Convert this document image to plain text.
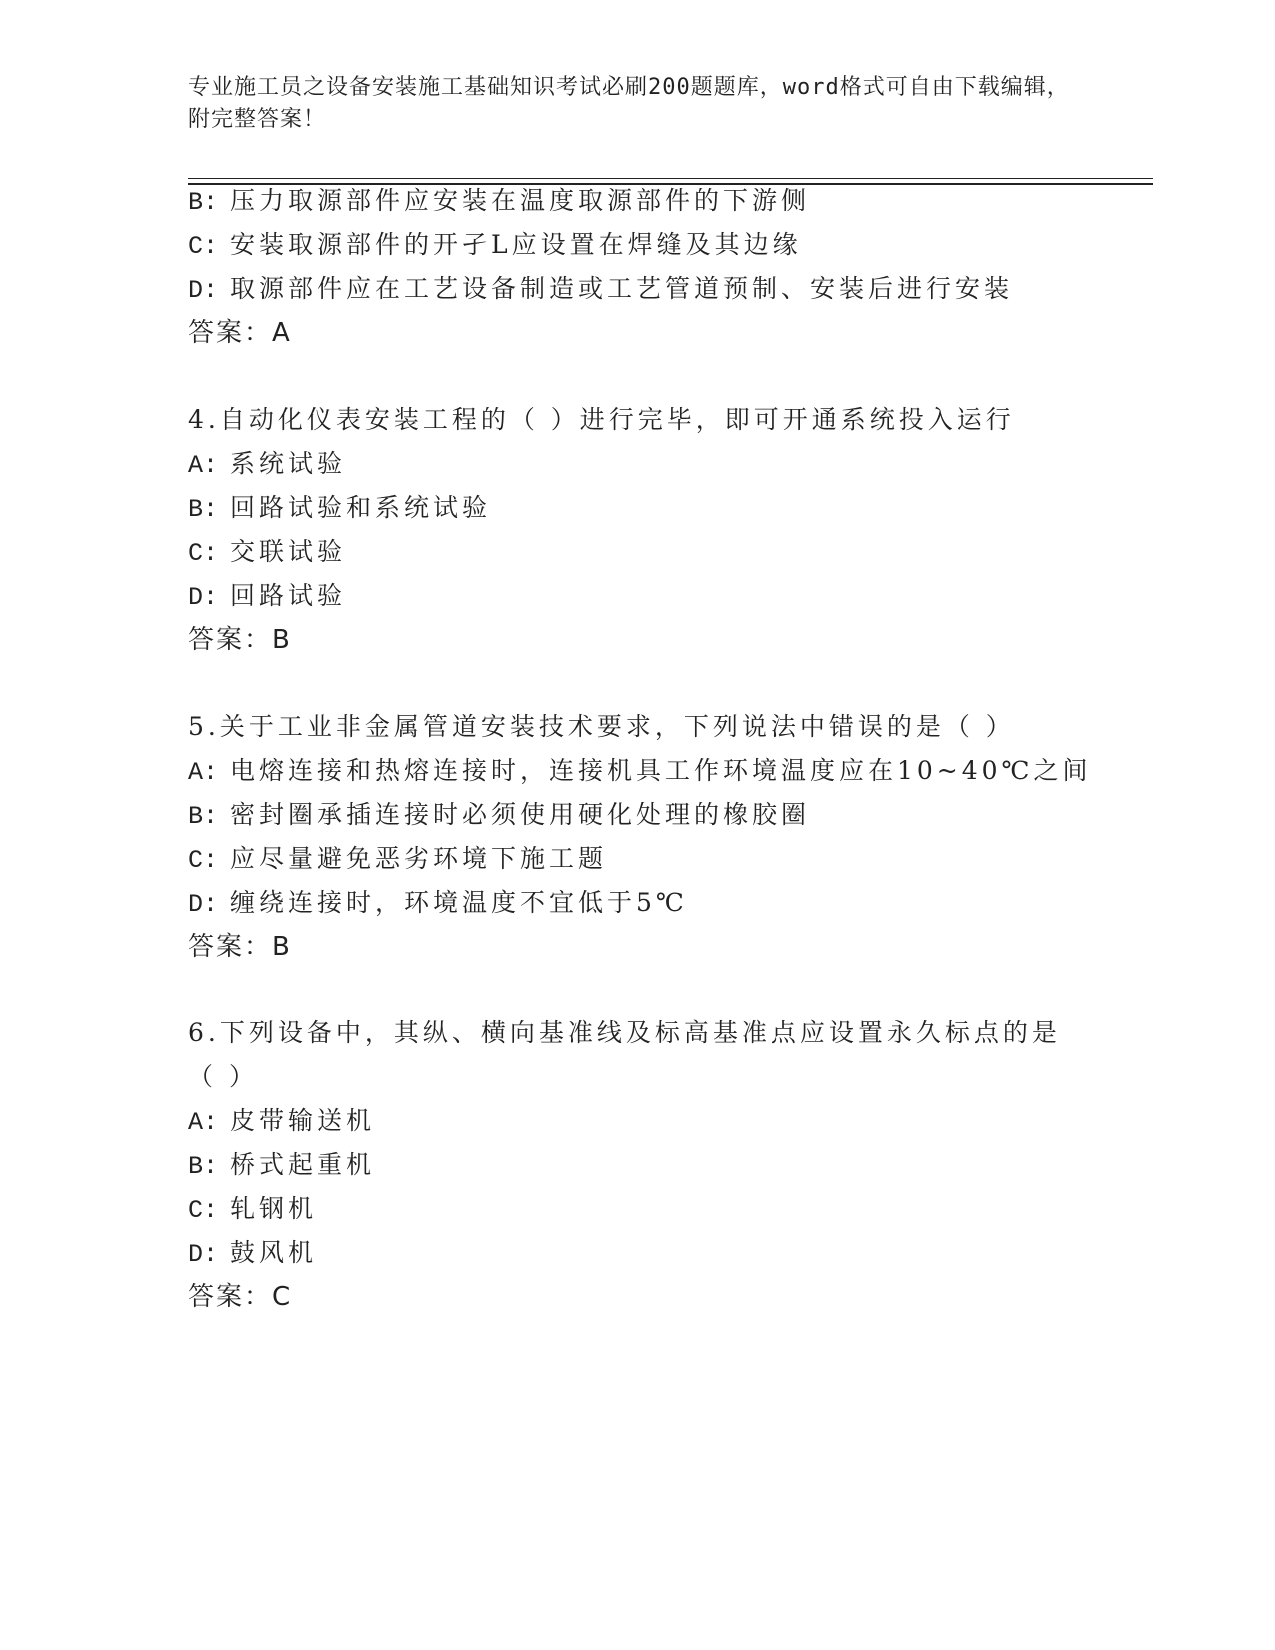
专业施工员之设备安装施工基础知识考试必刷200题题库，word格式可自由下载编辑，附完整答案！
B: 压力取源部件应安装在温度取源部件的下游侧
C: 安装取源部件的开孑L应设置在焊缝及其边缘
D: 取源部件应在工艺设备制造或工艺管道预制、安装后进行安装
答案：A
4.自动化仪表安装工程的（ ）进行完毕，即可开通系统投入运行
A: 系统试验
B: 回路试验和系统试验
C: 交联试验
D: 回路试验
答案：B
5.关于工业非金属管道安装技术要求，下列说法中错误的是（ ）
A: 电熔连接和热熔连接时，连接机具工作环境温度应在10~40℃之间
B: 密封圈承插连接时必须使用硬化处理的橡胶圈
C: 应尽量避免恶劣环境下施工题
D: 缠绕连接时，环境温度不宜低于5℃
答案：B
6.下列设备中，其纵、横向基准线及标高基准点应设置永久标点的是
（ ）
A: 皮带输送机
B: 桥式起重机
C: 轧钢机
D: 鼓风机
答案：C
